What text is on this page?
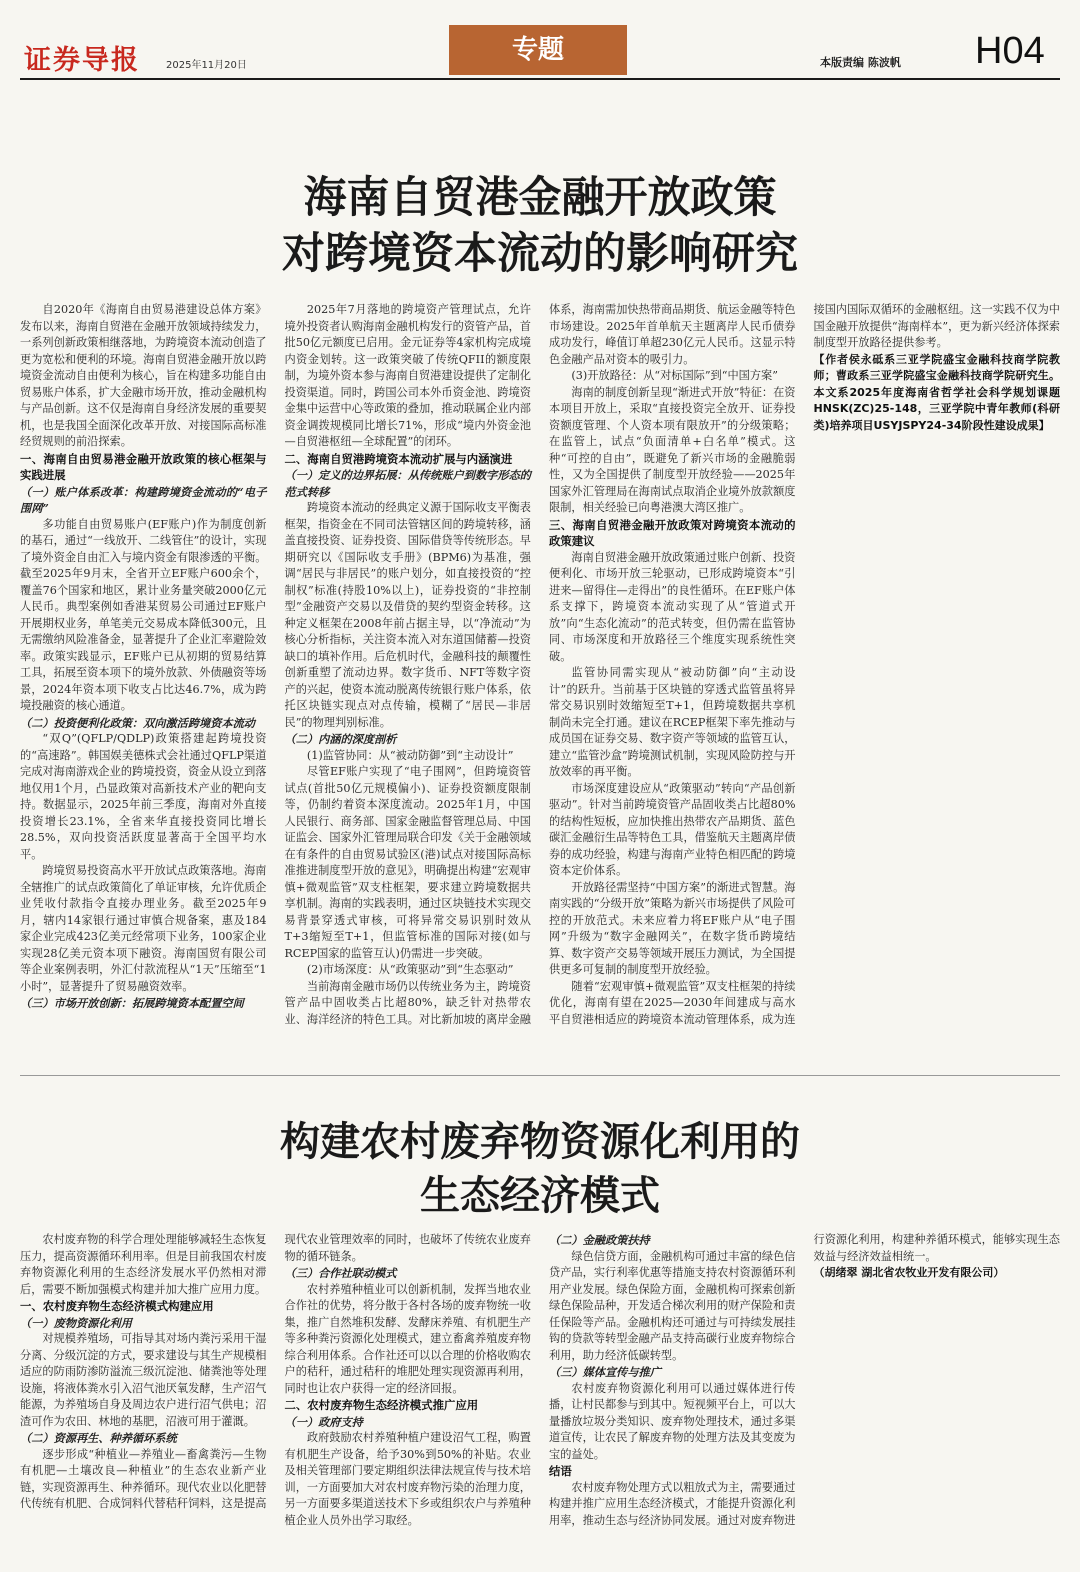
证券导报	2025年11月20日
专题	本版责编 陈波帆 H04
海南自贸港金融开放政策
对跨境资本流动的影响研究

自2020年《海南自由贸易港建设总体方案》发布以来，海南自贸港在金融开放领域持续发力，一系列创新政策相继落地，为跨境资本流动创造了更为宽松和便利的环境。海南自贸港金融开放以跨境资金流动自由便利为核心，旨在构建多功能自由贸易账户体系，扩大金融市场开放，推动金融机构与产品创新。这不仅是海南自身经济发展的重要契机，也是我国全面深化改革开放、对接国际高标准经贸规则的前沿探索。

一、海南自由贸易港金融开放政策的核心框架与实践进展

（一）账户体系改革：构建跨境资金流动的“电子围网”

多功能自由贸易账户(EF账户)作为制度创新的基石，通过“一线放开、二线管住”的设计，实现了境外资金自由汇入与境内资金有限渗透的平衡。截至2025年9月末，全省开立EF账户600余个，覆盖76个国家和地区，累计业务量突破2000亿元人民币。典型案例如香港某贸易公司通过EF账户开展期权业务，单笔美元交易成本降低300元，且无需缴纳风险准备金，显著提升了企业汇率避险效率。政策实践显示，EF账户已从初期的贸易结算工具，拓展至资本项下的境外放款、外债融资等场景，2024年资本项下收支占比达46.7%，成为跨境投融资的核心通道。

（二）投资便利化政策：双向激活跨境资本流动

“双Q”(QFLP/QDLP)政策搭建起跨境投资的“高速路”。韩国娱美德株式会社通过QFLP渠道完成对海南游戏企业的跨境投资，资金从设立到落地仅用1个月，凸显政策对高新技术产业的靶向支持。数据显示，2025年前三季度，海南对外直接投资增长23.1%，全省来华直接投资同比增长28.5%，双向投资活跃度显著高于全国平均水平。

跨境贸易投资高水平开放试点政策落地。海南全辖推广的试点政策简化了单证审核，允许优质企业凭收付款指令直接办理业务。截至2025年9月，辖内14家银行通过审慎合规备案，惠及184家企业完成423亿美元经常项下业务，100家企业实现28亿美元资本项下融资。海南国贸有限公司等企业案例表明，外汇付款流程从“1天”压缩至“1小时”，显著提升了贸易融资效率。

（三）市场开放创新：拓展跨境资本配置空间

2025年7月落地的跨境资产管理试点，允许境外投资者认购海南金融机构发行的资管产品，首批50亿元额度已启用。金元证券等4家机构完成境内资金划转。这一政策突破了传统QFII的额度限制，为境外资本参与海南自贸港建设提供了定制化投资渠道。同时，跨国公司本外币资金池、跨境资金集中运营中心等政策的叠加，推动联属企业内部资金调拨规模同比增长71%，形成“境内外资金池—自贸港枢纽—全球配置”的闭环。

二、海南自贸港跨境资本流动扩展与内涵演进

（一）定义的边界拓展：从传统账户到数字形态的范式转移

跨境资本流动的经典定义源于国际收支平衡表框架，指资金在不同司法管辖区间的跨境转移，涵盖直接投资、证券投资、国际借贷等传统形态。早期研究以《国际收支手册》(BPM6)为基准，强调“居民与非居民”的账户划分，如直接投资的“控制权”标准(持股10%以上)，证券投资的“非控制型”金融资产交易以及借贷的契约型资金转移。这种定义框架在2008年前占据主导，以“净流动”为核心分析指标，关注资本流入对东道国储蓄—投资缺口的填补作用。后危机时代，金融科技的颠覆性创新重塑了流动边界。数字货币、NFT等数字资产的兴起，使资本流动脱离传统银行账户体系，依托区块链实现点对点传输，模糊了“居民—非居民”的物理判别标准。

（二）内涵的深度剖析

(1)监管协同：从“被动防御”到“主动设计”

尽管EF账户实现了“电子围网”，但跨境资管试点(首批50亿元规模偏小)、证券投资额度限制等，仍制约着资本深度流动。2025年1月，中国人民银行、商务部、国家金融监督管理总局、中国证监会、国家外汇管理局联合印发《关于金融领域在有条件的自由贸易试验区(港)试点对接国际高标准推进制度型开放的意见》，明确提出构建“宏观审慎+微观监管”双支柱框架，要求建立跨境数据共享机制。海南的实践表明，通过区块链技术实现交易背景穿透式审核，可将异常交易识别时效从T+3缩短至T+1，但监管标准的国际对接(如与RCEP国家的监管互认)仍需进一步突破。

(2)市场深度：从“政策驱动”到“生态驱动”

当前海南金融市场仍以传统业务为主，跨境资管产品中固收类占比超80%，缺乏针对热带农业、海洋经济的特色工具。对比新加坡的离岸金融体系，海南需加快热带商品期货、航运金融等特色市场建设。2025年首单航天主题离岸人民币债券成功发行，峰值订单超230亿元人民币。这显示特色金融产品对资本的吸引力。

(3)开放路径：从“对标国际”到“中国方案”

海南的制度创新呈现“渐进式开放”特征：在资本项目开放上，采取“直接投资完全放开、证券投资额度管理、个人资本项有限放开”的分级策略；在监管上，试点“负面清单+白名单”模式。这种“可控的自由”，既避免了新兴市场的金融脆弱性，又为全国提供了制度型开放经验——2025年国家外汇管理局在海南试点取消企业境外放款额度限制，相关经验已向粤港澳大湾区推广。

三、海南自贸港金融开放政策对跨境资本流动的政策建议

海南自贸港金融开放政策通过账户创新、投资便利化、市场开放三轮驱动，已形成跨境资本“引进来—留得住—走得出”的良性循环。在EF账户体系支撑下，跨境资本流动实现了从“管道式开放”向“生态化流动”的范式转变，但仍需在监管协同、市场深度和开放路径三个维度实现系统性突破。

监管协同需实现从“被动防御”向“主动设计”的跃升。当前基于区块链的穿透式监管虽将异常交易识别时效缩短至T+1，但跨境数据共享机制尚未完全打通。建议在RCEP框架下率先推动与成员国在证券交易、数字资产等领域的监管互认，建立“监管沙盒”跨境测试机制，实现风险防控与开放效率的再平衡。

市场深度建设应从“政策驱动”转向“产品创新驱动”。针对当前跨境资管产品固收类占比超80%的结构性短板，应加快推出热带农产品期货、蓝色碳汇金融衍生品等特色工具，借鉴航天主题离岸债券的成功经验，构建与海南产业特色相匹配的跨境资本定价体系。

开放路径需坚持“中国方案”的渐进式智慧。海南实践的“分级开放”策略为新兴市场提供了风险可控的开放范式。未来应着力将EF账户从“电子围网”升级为“数字金融网关”，在数字货币跨境结算、数字资产交易等领域开展压力测试，为全国提供更多可复制的制度型开放经验。

随着“宏观审慎+微观监管”双支柱框架的持续优化，海南有望在2025—2030年间建成与高水平自贸港相适应的跨境资本流动管理体系，成为连接国内国际双循环的金融枢纽。这一实践不仅为中国金融开放提供“海南样本”，更为新兴经济体探索制度型开放路径提供参考。

【作者侯永砥系三亚学院盛宝金融科技商学院教师；曹政系三亚学院盛宝金融科技商学院研究生。本文系2025年度海南省哲学社会科学规划课题HNSK(ZC)25-148，三亚学院中青年教师(科研类)培养项目USYJSPY24-34阶段性建设成果】

构建农村废弃物资源化利用的
生态经济模式

农村废弃物的科学合理处理能够减轻生态恢复压力，提高资源循环利用率。但是目前我国农村废弃物资源化利用的生态经济发展水平仍然相对滞后，需要不断加强模式构建并加大推广应用力度。

一、农村废弃物生态经济模式构建应用

（一）废物资源化利用

对规模养殖场，可指导其对场内粪污采用干湿分离、分级沉淀的方式，要求建设与其生产规模相适应的防雨防渗防溢流三级沉淀池、储粪池等处理设施，将液体粪水引入沼气池厌氧发酵，生产沼气能源，为养殖场自身及周边农户进行沼气供电；沼渣可作为农田、林地的基肥，沼液可用于灌溉。

（二）资源再生、种养循环系统

逐步形成“种植业—养殖业—畜禽粪污—生物有机肥—土壤改良—种植业”的生态农业新产业链，实现资源再生、种养循环。现代农业以化肥替代传统有机肥、合成饲料代替秸秆饲料，这是提高现代农业管理效率的同时，也破坏了传统农业废弃物的循环链条。

（三）合作社联动模式

农村养殖种植业可以创新机制，发挥当地农业合作社的优势，将分散于各村各场的废弃物统一收集，推广自然堆积发酵、发酵床养殖、有机肥生产等多种粪污资源化处理模式，建立畜禽养殖废弃物综合利用体系。合作社还可以以合理的价格收购农户的秸秆，通过秸秆的堆肥处理实现资源再利用，同时也让农户获得一定的经济回报。

二、农村废弃物生态经济模式推广应用

（一）政府支持

政府鼓励农村养殖种植户建设沼气工程，购置有机肥生产设备，给予30%到50%的补贴。农业及相关管理部门要定期组织法律法规宣传与技术培训，一方面要加大对农村废弃物污染的治理力度，另一方面要多渠道送技术下乡或组织农户与养殖种植企业人员外出学习取经。

（二）金融政策扶持

绿色信贷方面，金融机构可通过丰富的绿色信贷产品，实行利率优惠等措施支持农村资源循环利用产业发展。绿色保险方面，金融机构可探索创新绿色保险品种，开发适合梯次利用的财产保险和责任保险等产品。金融机构还可通过与可持续发展挂钩的贷款等转型金融产品支持高碳行业废弃物综合利用，助力经济低碳转型。

（三）媒体宣传与推广

农村废弃物资源化利用可以通过媒体进行传播，让村民都参与到其中。短视频平台上，可以大量播放垃圾分类知识、废弃物处理技术，通过多渠道宣传，让农民了解废弃物的处理方法及其变废为宝的益处。

结语

农村废弃物处理方式以粗放式为主，需要通过构建并推广应用生态经济模式，才能提升资源化利用率，推动生态与经济协同发展。通过对废弃物进行资源化利用，构建种养循环模式，能够实现生态效益与经济效益相统一。

（胡绪翠 湖北省农牧业开发有限公司）
